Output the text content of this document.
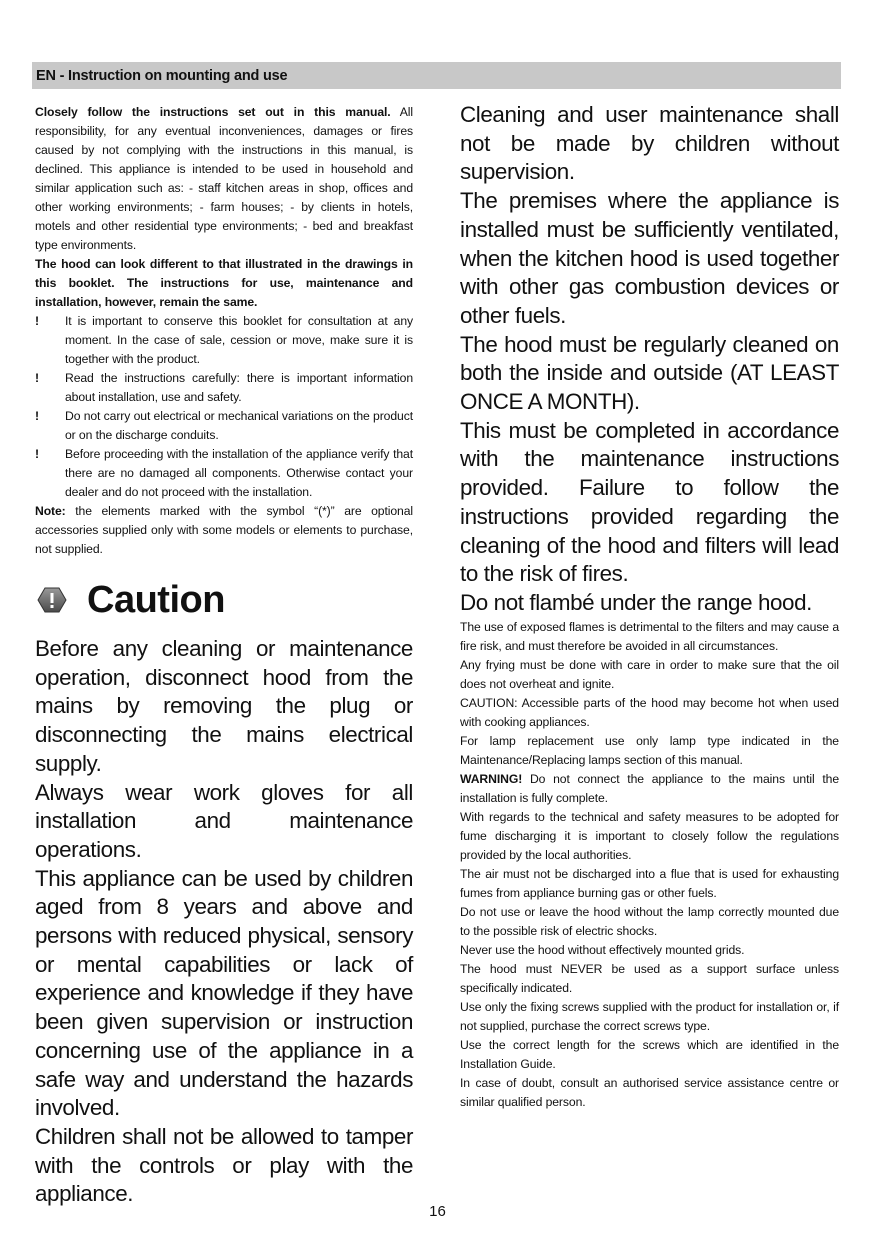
EN - Instruction on mounting and use

Closely follow the instructions set out in this manual. All responsibility, for any eventual inconveniences, damages or fires caused by not complying with the instructions in this manual, is declined. This appliance is intended to be used in household and similar application such as: - staff kitchen areas in shop, offices and other working environments; - farm houses; - by clients in hotels, motels and other residential type environments; - bed and breakfast type environments.

The hood can look different to that illustrated in the drawings in this booklet. The instructions for use, maintenance and installation, however, remain the same.

!	It is important to conserve this booklet for consultation at any moment. In the case of sale, cession or move, make sure it is together with the product.
!	Read the instructions carefully: there is important information about installation, use and safety.
!	Do not carry out electrical or mechanical variations on the product or on the discharge conduits.
!	Before proceeding with the installation of the appliance verify that there are no damaged all components. Otherwise contact your dealer and do not proceed with the installation.

Note: the elements marked with the symbol “(*)” are optional accessories supplied only with some models or elements to purchase, not supplied.

Caution

Before any cleaning or maintenance operation, disconnect hood from the mains by removing the plug or disconnecting the mains electrical supply.

Always wear work gloves for all installation and maintenance operations.

This appliance can be used by children aged from 8 years and above and persons with reduced physical, sensory or mental capabilities or lack of experience and knowledge if they have been given supervision or instruction concerning use of the appliance in a safe way and understand the hazards involved.

Children shall not be allowed to tamper with the controls or play with the appliance.

Cleaning and user maintenance shall not be made by children without supervision.

The premises where the appliance is installed must be sufficiently ventilated, when the kitchen hood is used together with other gas combustion devices or other fuels.

The hood must be regularly cleaned on both the inside and outside (AT LEAST ONCE A MONTH).

This must be completed in accordance with the maintenance instructions provided. Failure to follow the instructions provided regarding the cleaning of the hood and filters will lead to the risk of fires.

Do not flambé under the range hood.

The use of exposed flames is detrimental to the filters and may cause a fire risk, and must therefore be avoided in all circumstances.

Any frying must be done with care in order to make sure that the oil does not overheat and ignite.

CAUTION: Accessible parts of the hood may become hot when used with cooking appliances.

For lamp replacement use only lamp type indicated in the Maintenance/Replacing lamps section of this manual.

WARNING! Do not connect the appliance to the mains until the installation is fully complete.

With regards to the technical and safety measures to be adopted for fume discharging it is important to closely follow the regulations provided by the local authorities.

The air must not be discharged into a flue that is used for exhausting fumes from appliance burning gas or other fuels.

Do not use or leave the hood without the lamp correctly mounted due to the possible risk of electric shocks.

Never use the hood without effectively mounted grids.

The hood must NEVER be used as a support surface unless specifically indicated.

Use only the fixing screws supplied with the product for installation or, if not supplied, purchase the correct screws type.

Use the correct length for the screws which are identified in the Installation Guide.

In case of doubt, consult an authorised service assistance centre or similar qualified person.

16
